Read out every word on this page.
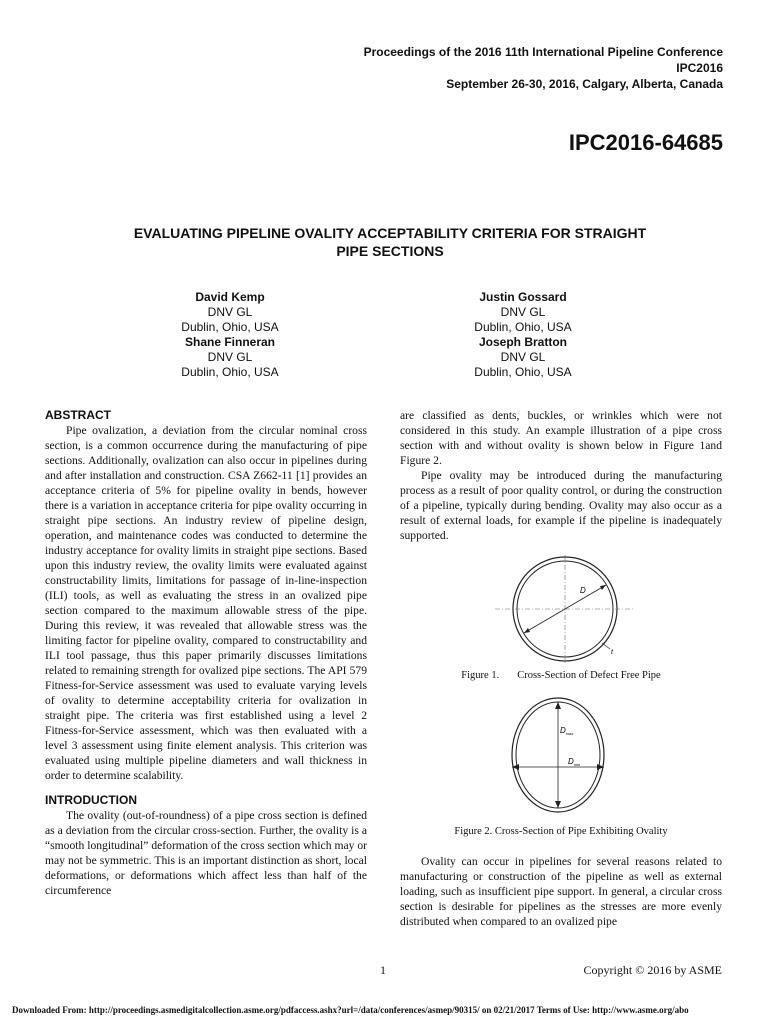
Proceedings of the 2016 11th International Pipeline Conference
IPC2016
September 26-30, 2016, Calgary, Alberta, Canada
IPC2016-64685
EVALUATING PIPELINE OVALITY ACCEPTABILITY CRITERIA FOR STRAIGHT
PIPE SECTIONS
David Kemp
DNV GL
Dublin, Ohio, USA
Shane Finneran
DNV GL
Dublin, Ohio, USA
Justin Gossard
DNV GL
Dublin, Ohio, USA
Joseph Bratton
DNV GL
Dublin, Ohio, USA
ABSTRACT

Pipe ovalization, a deviation from the circular nominal cross section, is a common occurrence during the manufacturing of pipe sections. Additionally, ovalization can also occur in pipelines during and after installation and construction. CSA Z662-11 [1] provides an acceptance criteria of 5% for pipeline ovality in bends, however there is a variation in acceptance criteria for pipe ovality occurring in straight pipe sections. An industry review of pipeline design, operation, and maintenance codes was conducted to determine the industry acceptance for ovality limits in straight pipe sections. Based upon this industry review, the ovality limits were evaluated against constructability limits, limitations for passage of in-line-inspection (ILI) tools, as well as evaluating the stress in an ovalized pipe section compared to the maximum allowable stress of the pipe. During this review, it was revealed that allowable stress was the limiting factor for pipeline ovality, compared to constructability and ILI tool passage, thus this paper primarily discusses limitations related to remaining strength for ovalized pipe sections. The API 579 Fitness-for-Service assessment was used to evaluate varying levels of ovality to determine acceptability criteria for ovalization in straight pipe. The criteria was first established using a level 2 Fitness-for-Service assessment, which was then evaluated with a level 3 assessment using finite element analysis. This criterion was evaluated using multiple pipeline diameters and wall thickness in order to determine scalability.

INTRODUCTION

The ovality (out-of-roundness) of a pipe cross section is defined as a deviation from the circular cross-section. Further, the ovality is a “smooth longitudinal” deformation of the cross section which may or may not be symmetric. This is an important distinction as short, local deformations, or deformations which affect less than half of the circumference

are classified as dents, buckles, or wrinkles which were not considered in this study. An example illustration of a pipe cross section with and without ovality is shown below in Figure 1and Figure 2.

Pipe ovality may be introduced during the manufacturing process as a result of poor quality control, or during the construction of a pipeline, typically during bending. Ovality may also occur as a result of external loads, for example if the pipeline is inadequately supported.

D
t
Figure 1. Cross-Section of Defect Free Pipe
$D_{max}$
$D_{min}$
Figure 2. Cross-Section of Pipe Exhibiting Ovality

Ovality can occur in pipelines for several reasons related to manufacturing or construction of the pipeline as well as external loading, such as insufficient pipe support. In general, a circular cross section is desirable for pipelines as the stresses are more evenly distributed when compared to an ovalized pipe

1	Copyright © 2016 by ASME
Downloaded From: http://proceedings.asmedigitalcollection.asme.org/pdfaccess.ashx?url=/data/conferences/asmep/90315/ on 02/21/2017 Terms of Use: http://www.asme.org/abo
